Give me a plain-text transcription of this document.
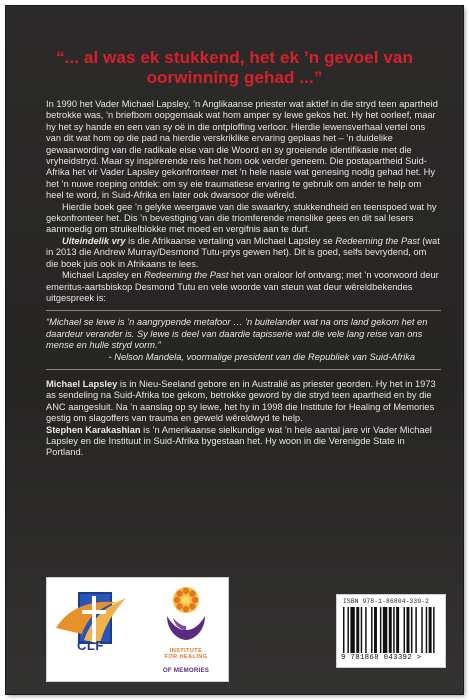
“... al was ek stukkend, het ek ’n gevoel van oorwinning gehad ...”

In 1990 het Vader Michael Lapsley, ’n Anglikaanse priester wat aktief in die stryd teen apartheid betrokke was, ’n briefbom oopgemaak wat hom amper sy lewe gekos het. Hy het oorleef, maar hy het sy hande en een van sy oë in die ontploffing verloor. Hierdie lewensverhaal vertel ons van dit wat hom op die pad na hierdie verskriklike ervaring geplaas het – ’n duidelike gewaarwording van die radikale eise van die Woord en sy groeiende identifikasie met die vryheidstryd. Maar sy inspirerende reis het hom ook verder geneem. Die postapartheid Suid-Afrika het vir Vader Lapsley gekonfronteer met ’n hele nasie wat genesing nodig gehad het. Hy het ’n nuwe roeping ontdek: om sy eie traumatiese ervaring te gebruik om ander te help om heel te word, in Suid-Afrika en later ook dwarsoor die wêreld.

Hierdie boek gee ’n gelyke weergawe van die swaarkry, stukkendheid en teenspoed wat hy gekonfronteer het. Dis ’n bevestiging van die triomferende menslike gees en dit sal lesers aanmoedig om struikelblokke met moed en vergifnis aan te durf.

Uiteindelik vry is die Afrikaanse vertaling van Michael Lapsley se Redeeming the Past (wat in 2013 die Andrew Murray/Desmond Tutu-prys gewen het). Dit is goed, selfs bevrydend, om die boek juis ook in Afrikaans te lees.

Michael Lapsley en Redeeming the Past het van oraloor lof ontvang; met ’n voorwoord deur emeritus-aartsbiskop Desmond Tutu en vele woorde van steun wat deur wêreldbekendes uitgespreek is:

“Michael se lewe is ’n aangrypende metafoor … ’n buitelander wat na ons land gekom het en daardeur verander is. Sy lewe is deel van daardie tapisserie wat die vele lang reise van ons mense en hulle stryd vorm.”
- Nelson Mandela, voormalige president van die Republiek van Suid-Afrika

Michael Lapsley is in Nieu-Seeland gebore en in Australië as priester georden. Hy het in 1973 as sendeling na Suid-Afrika toe gekom, betrokke geword by die stryd teen apartheid en by die ANC aangesluit. Na ’n aanslag op sy lewe, het hy in 1998 die Institute for Healing of Memories gestig om slagoffers van trauma en geweld wêreldwyd te help.

Stephen Karakashian is ’n Amerikaanse sielkundige wat ’n hele aantal jare vir Vader Michael Lapsley en die Instituut in Suid-Afrika bygestaan het. Hy woon in die Verenigde State in Portland.

CLF	INSTITUTE
FOR HEALING
OF MEMORIES
ISBN 978-1-86804-339-2
9 781868 043392 >
